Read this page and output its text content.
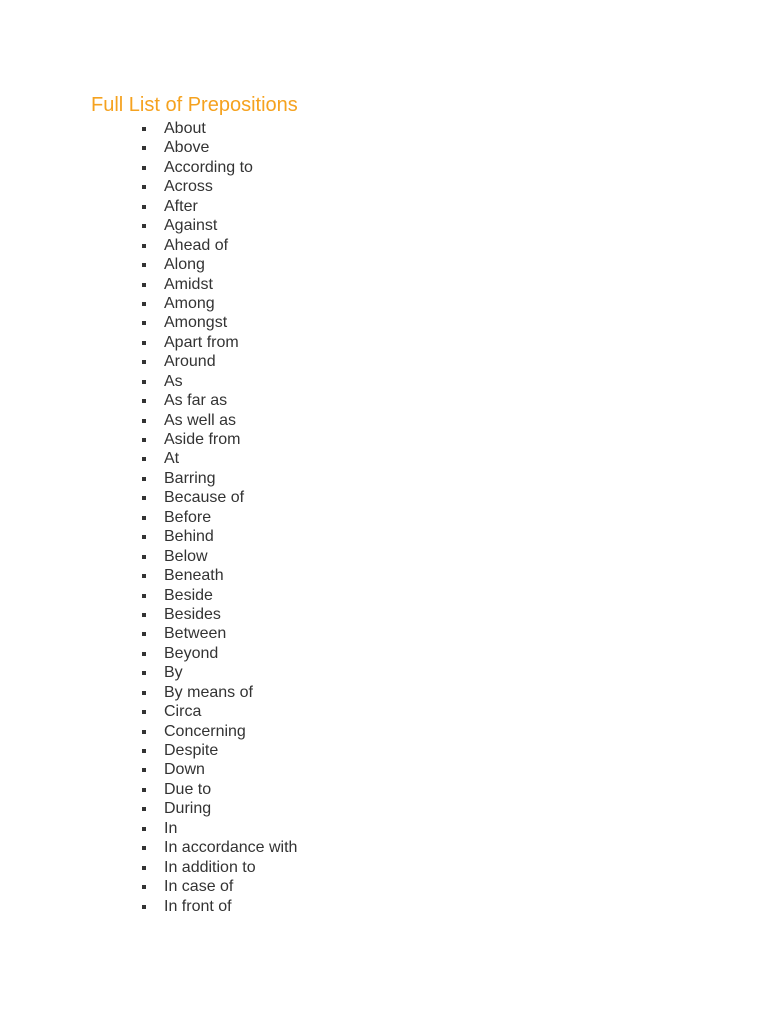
Full List of Prepositions
About
Above
According to
Across
After
Against
Ahead of
Along
Amidst
Among
Amongst
Apart from
Around
As
As far as
As well as
Aside from
At
Barring
Because of
Before
Behind
Below
Beneath
Beside
Besides
Between
Beyond
By
By means of
Circa
Concerning
Despite
Down
Due to
During
In
In accordance with
In addition to
In case of
In front of
